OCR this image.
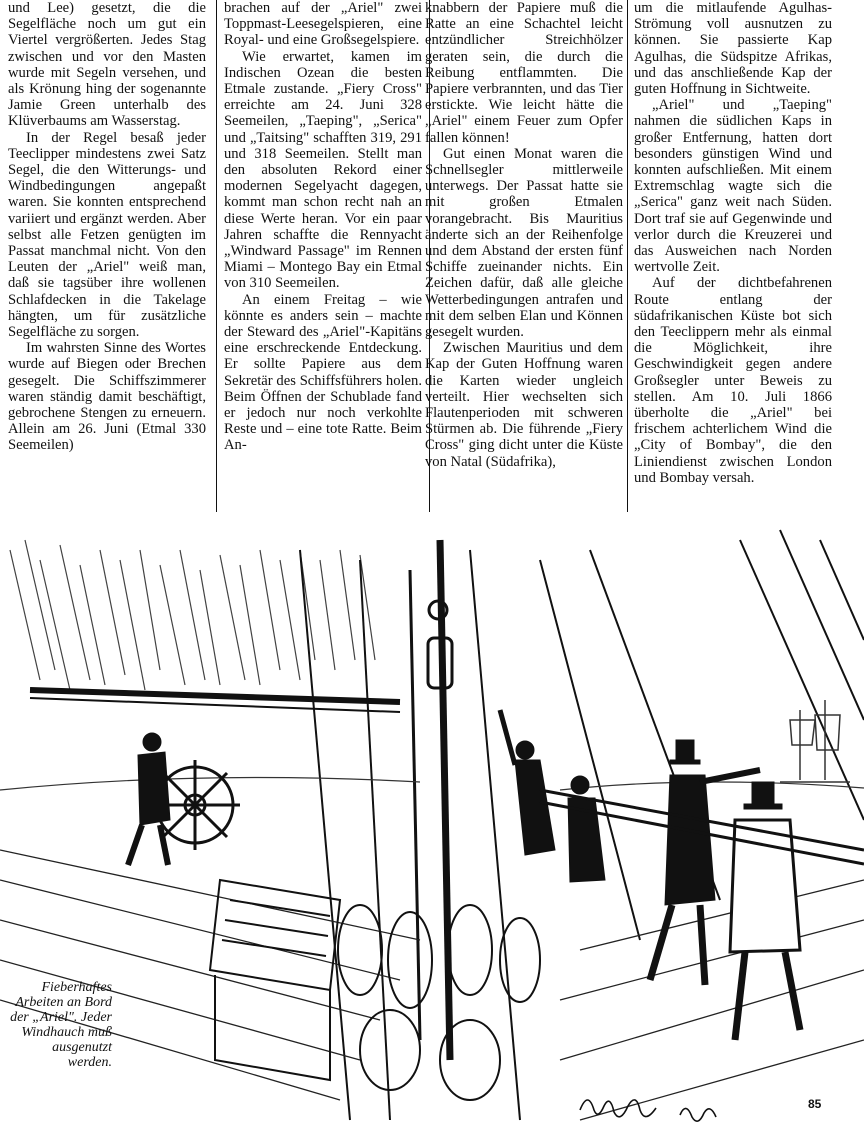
und Lee) gesetzt, die die Segelfläche noch um gut ein Viertel vergrößerten. Jedes Stag zwischen und vor den Masten wurde mit Segeln versehen, und als Krönung hing der sogenannte Jamie Green unterhalb des Klüverbaums am Wasserstag.

In der Regel besaß jeder Teeclipper mindestens zwei Satz Segel, die den Witterungs- und Windbedingungen angepaßt waren. Sie konnten entsprechend variiert und ergänzt werden. Aber selbst alle Fetzen genügten im Passat manchmal nicht. Von den Leuten der „Ariel" weiß man, daß sie tagsüber ihre wollenen Schlafdecken in die Takelage hängten, um für zusätzliche Segelfläche zu sorgen.

Im wahrsten Sinne des Wortes wurde auf Biegen oder Brechen gesegelt. Die Schiffszimmerer waren ständig damit beschäftigt, gebrochene Stengen zu erneuern. Allein am 26. Juni (Etmal 330 Seemeilen)

brachen auf der „Ariel" zwei Toppmast-Leesegelspieren, eine Royal- und eine Großsegelspiere.

Wie erwartet, kamen im Indischen Ozean die besten Etmale zustande. „Fiery Cross" erreichte am 24. Juni 328 Seemeilen, „Taeping", „Serica" und „Taitsing" schafften 319, 291 und 318 Seemeilen. Stellt man den absoluten Rekord einer modernen Segelyacht dagegen, kommt man schon recht nah an diese Werte heran. Vor ein paar Jahren schaffte die Rennyacht „Windward Passage" im Rennen Miami – Montego Bay ein Etmal von 310 Seemeilen.

An einem Freitag – wie könnte es anders sein – machte der Steward des „Ariel"-Kapitäns eine erschreckende Entdeckung. Er sollte Papiere aus dem Sekretär des Schiffsführers holen. Beim Öffnen der Schublade fand er jedoch nur noch verkohlte Reste und – eine tote Ratte. Beim An-

knabbern der Papiere muß die Ratte an eine Schachtel leicht entzündlicher Streichhölzer geraten sein, die durch die Reibung entflammten. Die Papiere verbrannten, und das Tier erstickte. Wie leicht hätte die „Ariel" einem Feuer zum Opfer fallen können!

Gut einen Monat waren die Schnellsegler mittlerweile unterwegs. Der Passat hatte sie mit großen Etmalen vorangebracht. Bis Mauritius änderte sich an der Reihenfolge und dem Abstand der ersten fünf Schiffe zueinander nichts. Ein Zeichen dafür, daß alle gleiche Wetterbedingungen antrafen und mit dem selben Elan und Können gesegelt wurden.

Zwischen Mauritius und dem Kap der Guten Hoffnung waren die Karten wieder ungleich verteilt. Hier wechselten sich Flautenperioden mit schweren Stürmen ab. Die führende „Fiery Cross" ging dicht unter die Küste von Natal (Südafrika),

um die mitlaufende Agulhas-Strömung voll ausnutzen zu können. Sie passierte Kap Agulhas, die Südspitze Afrikas, und das anschließende Kap der guten Hoffnung in Sichtweite.

„Ariel" und „Taeping" nahmen die südlichen Kaps in großer Entfernung, hatten dort besonders günstigen Wind und konnten aufschließen. Mit einem Extremschlag wagte sich die „Serica" ganz weit nach Süden. Dort traf sie auf Gegenwinde und verlor durch die Kreuzerei und das Ausweichen nach Norden wertvolle Zeit.

Auf der dichtbefahrenen Route entlang der südafrikanischen Küste bot sich den Teeclippern mehr als einmal die Möglichkeit, ihre Geschwindigkeit gegen andere Großsegler unter Beweis zu stellen. Am 10. Juli 1866 überholte die „Ariel" bei frischem achterlichem Wind die „City of Bombay", die den Liniendienst zwischen London und Bombay versah.

Fieberhaftes Arbeiten an Bord der „Ariel". Jeder Windhauch muß ausgenutzt werden.
85
